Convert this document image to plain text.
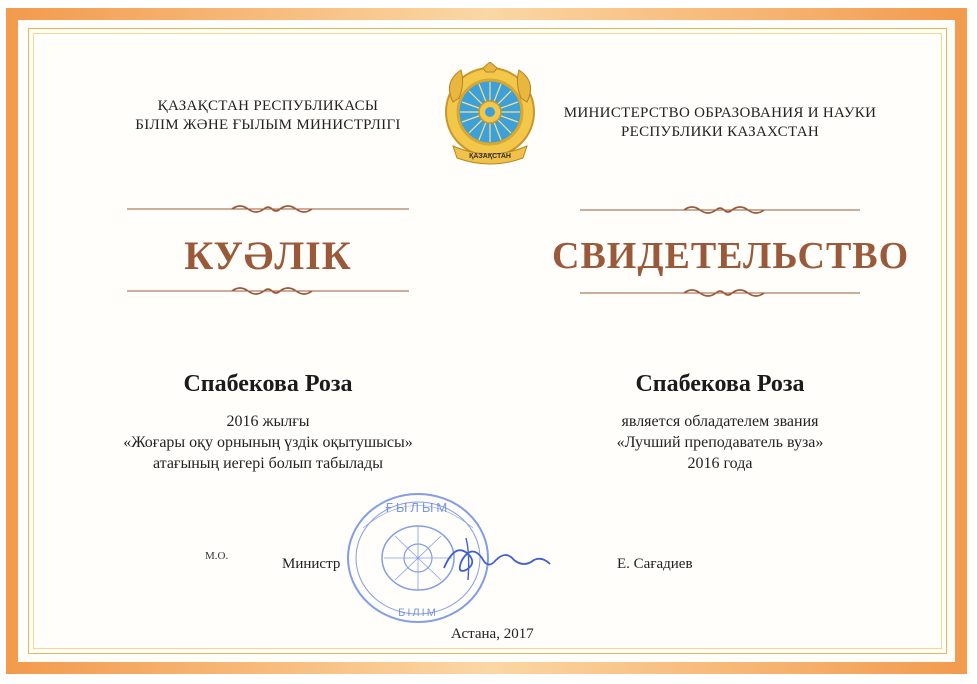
ҚАЗАҚСТАН РЕСПУБЛИКАСЫ
БІЛІМ ЖӘНЕ ҒЫЛЫМ МИНИСТРЛІГІ
ҚАЗАҚСТАН
МИНИСТЕРСТВО ОБРАЗОВАНИЯ И НАУКИ
РЕСПУБЛИКИ КАЗАХСТАН
КУӘЛІК	СВИДЕТЕЛЬСТВО
Спабекова Роза
2016 жылғы
«Жоғары оқу орнының үздік оқытушысы»
атағының иегері болып табылады
Спабекова Роза
является обладателем звания
«Лучший преподаватель вуза»
2016 года
ҒЫЛЫМ
БІЛІМ
М.О.	Министр	Е. Сағадиев
Астана, 2017
